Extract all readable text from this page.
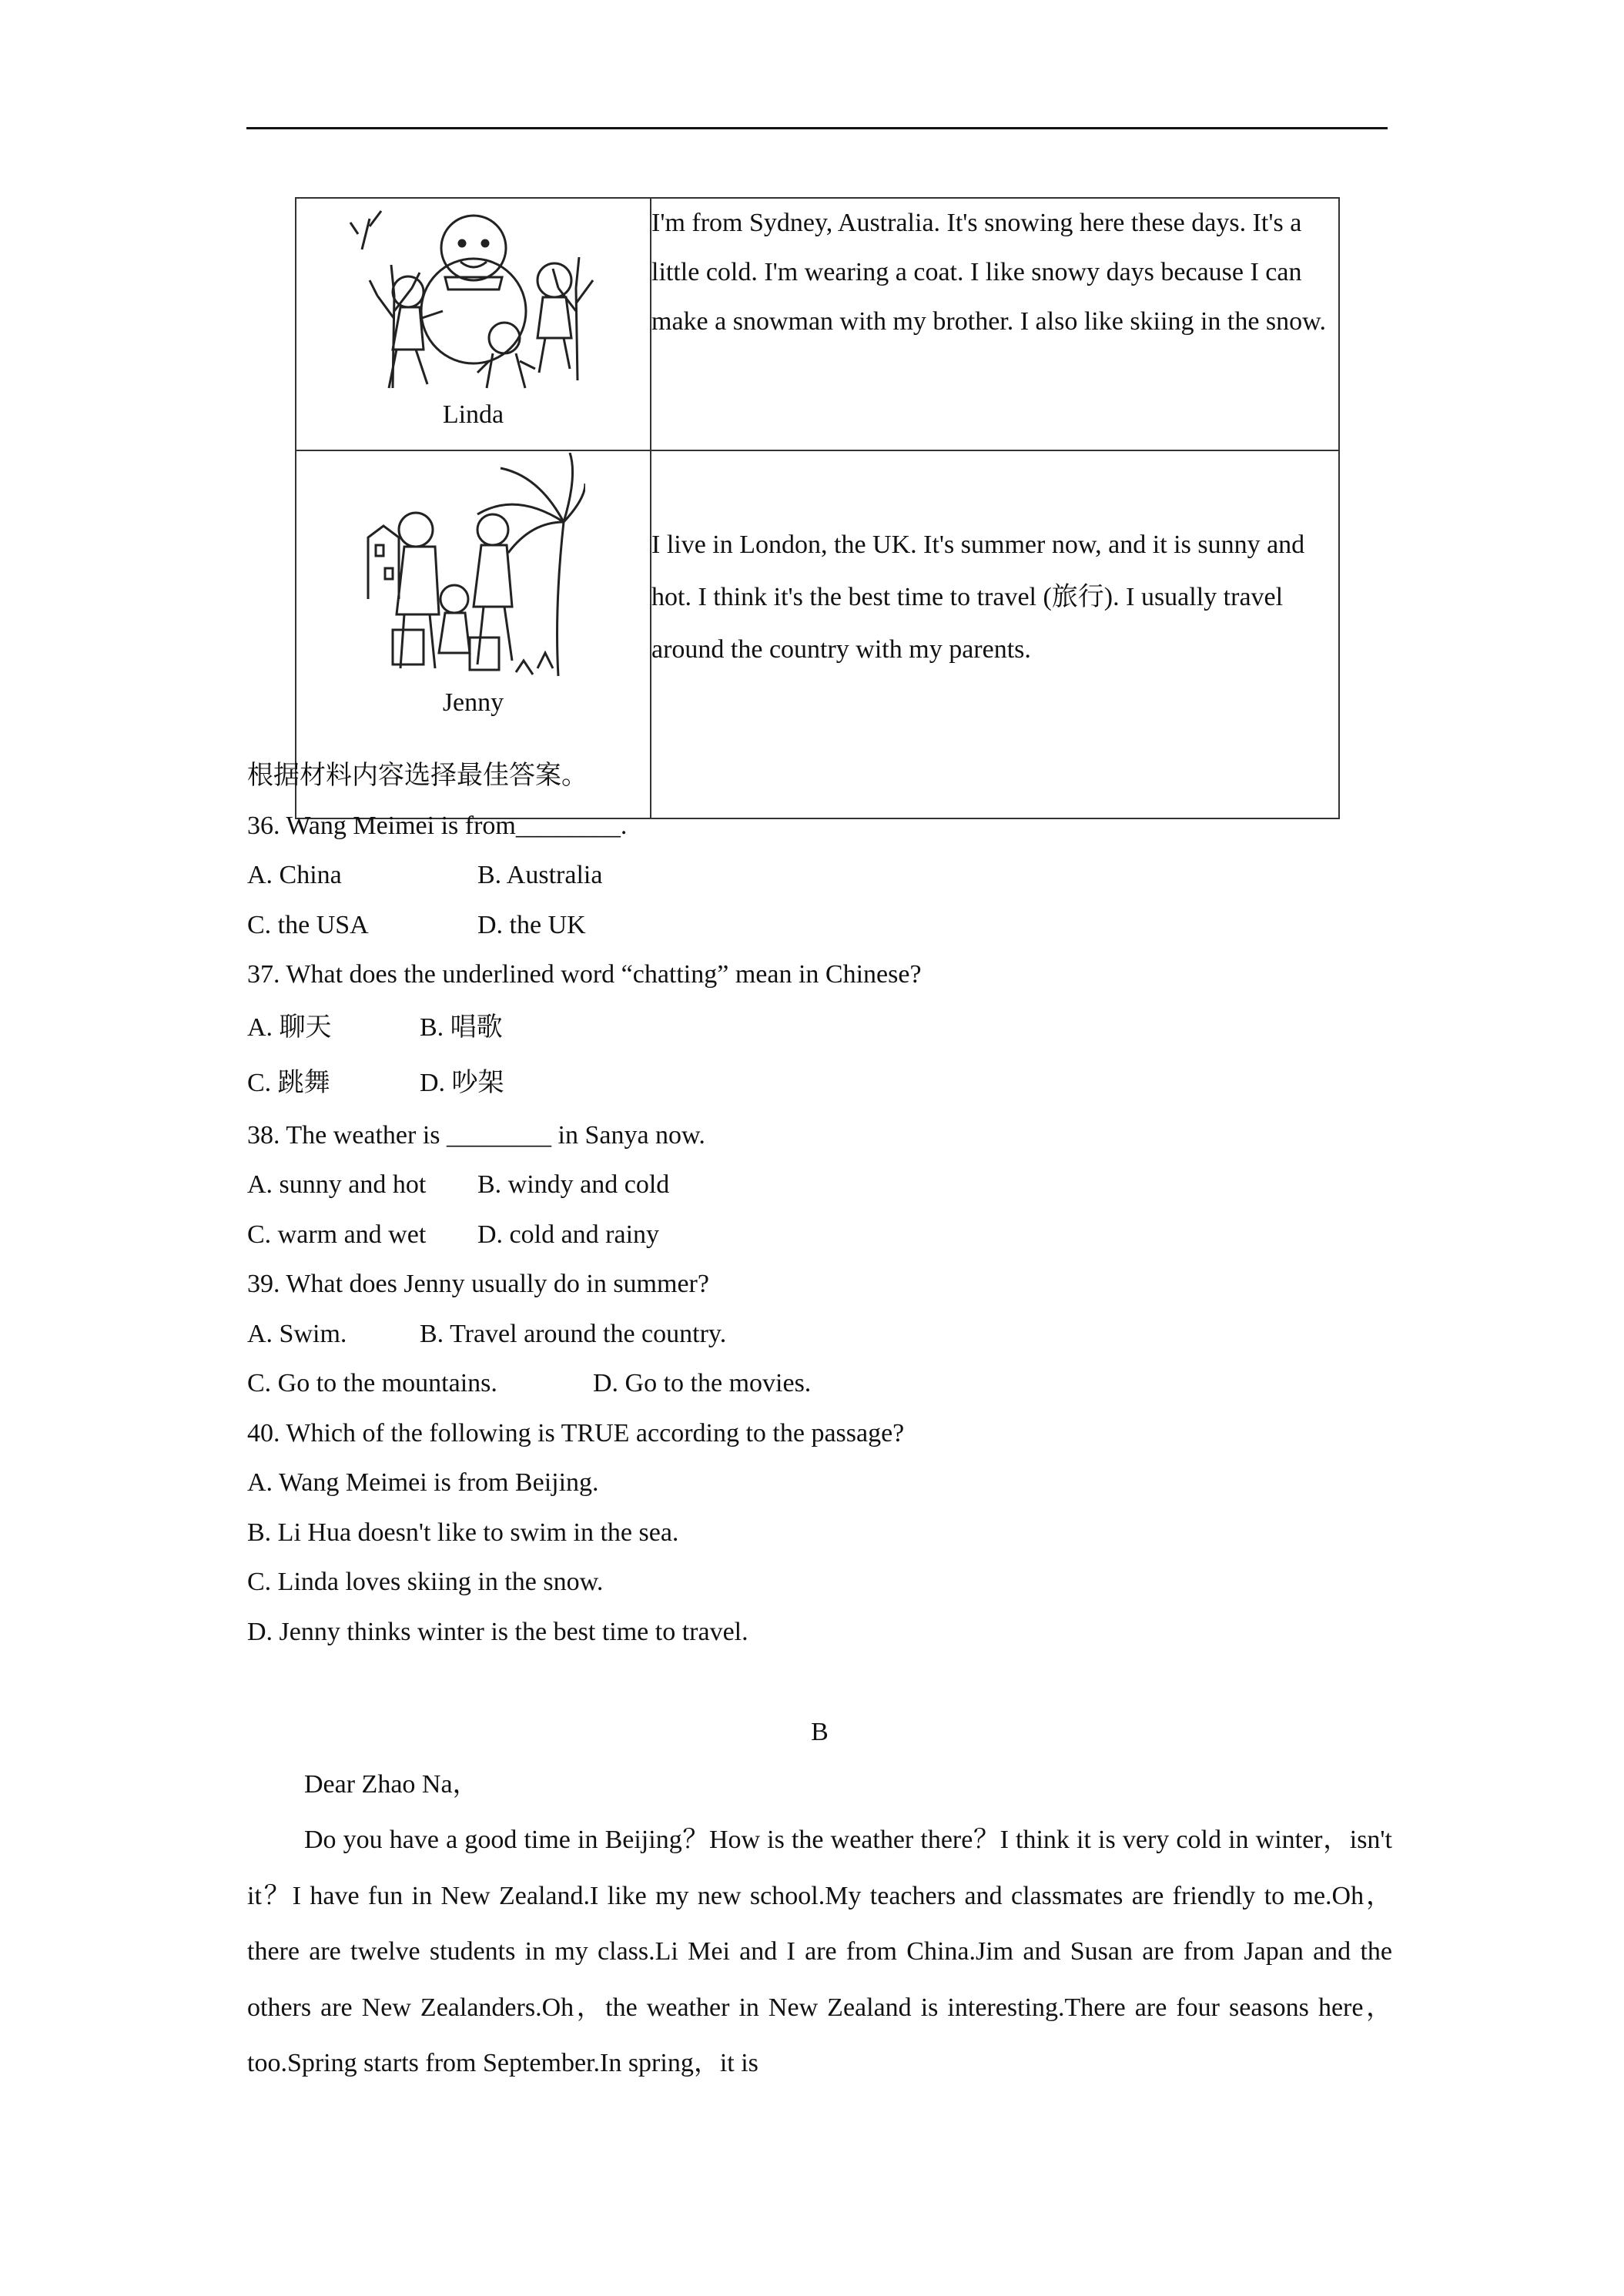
Linda	I'm from Sydney, Australia. It's snowing here these days. It's a little cold. I'm wearing a coat. I like snowy days because I can make a snowman with my brother. I also like skiing in the snow.

Jenny	I live in London, the UK. It's summer now, and it is sunny and hot. I think it's the best time to travel (旅行). I usually travel around the country with my parents.
根据材料内容选择最佳答案。
36. Wang Meimei is from________.
A. China	B. Australia
C. the USA	D. the UK
37. What does the underlined word “chatting” mean in Chinese?
A. 聊天	B. 唱歌
C. 跳舞	D. 吵架
38. The weather is ________ in Sanya now.
A. sunny and hot B. windy and cold
C. warm and wet D. cold and rainy
39. What does Jenny usually do in summer?
A. Swim.	B. Travel around the country.
C. Go to the mountains.	D. Go to the movies.
40. Which of the following is TRUE according to the passage?
A. Wang Meimei is from Beijing.
B. Li Hua doesn't like to swim in the sea.
C. Linda loves skiing in the snow.
D. Jenny thinks winter is the best time to travel.
B
Dear Zhao Na，
Do you have a good time in Beijing？How is the weather there？I think it is very cold in winter，isn't it？I have fun in New Zealand.I like my new school.My teachers and classmates are friendly to me.Oh，there are twelve students in my class.Li Mei and I are from China.Jim and Susan are from Japan and the others are New Zealanders.Oh，the weather in New Zealand is interesting.There are four seasons here，too.Spring starts from September.In spring，it is
